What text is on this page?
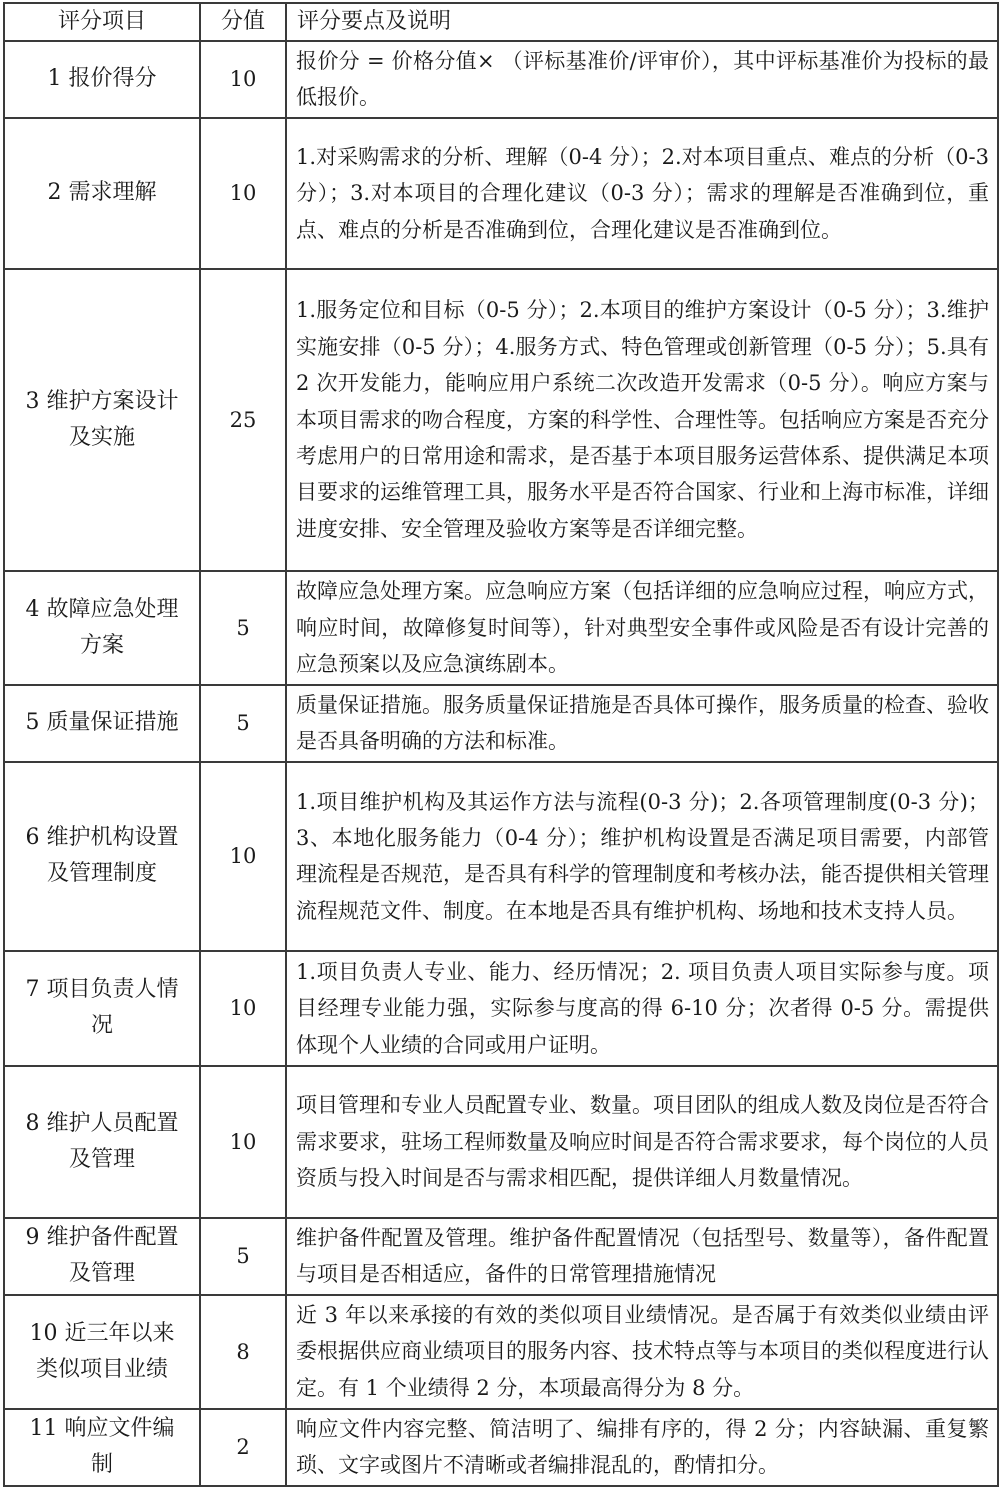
评分项目	分值	评分要点及说明
1 报价得分	10	报价分 = 价格分值× （评标基准价/评审价），其中评标基准价为投标的最低报价。
2 需求理解	10	1.对采购需求的分析、理解（0-4 分）；2.对本项目重点、难点的分析（0-3 分）；3.对本项目的合理化建议（0-3 分）；需求的理解是否准确到位，重点、难点的分析是否准确到位，合理化建议是否准确到位。
3 维护方案设计及实施	25	1.服务定位和目标（0-5 分）；2.本项目的维护方案设计（0-5 分）；3.维护实施安排（0-5 分）；4.服务方式、特色管理或创新管理（0-5 分）；5.具有 2 次开发能力，能响应用户系统二次改造开发需求（0-5 分）。响应方案与本项目需求的吻合程度，方案的科学性、合理性等。包括响应方案是否充分考虑用户的日常用途和需求，是否基于本项目服务运营体系、提供满足本项目要求的运维管理工具，服务水平是否符合国家、行业和上海市标准，详细进度安排、安全管理及验收方案等是否详细完整。
4 故障应急处理方案	5	故障应急处理方案。应急响应方案（包括详细的应急响应过程，响应方式，响应时间，故障修复时间等），针对典型安全事件或风险是否有设计完善的应急预案以及应急演练剧本。
5 质量保证措施	5	质量保证措施。服务质量保证措施是否具体可操作，服务质量的检查、验收是否具备明确的方法和标准。
6 维护机构设置及管理制度	10	1.项目维护机构及其运作方法与流程(0-3 分)；2.各项管理制度(0-3 分)；3、本地化服务能力（0-4 分）；维护机构设置是否满足项目需要，内部管理流程是否规范，是否具有科学的管理制度和考核办法，能否提供相关管理流程规范文件、制度。在本地是否具有维护机构、场地和技术支持人员。
7 项目负责人情况	10	1.项目负责人专业、能力、经历情况；2. 项目负责人项目实际参与度。项目经理专业能力强，实际参与度高的得 6-10 分；次者得 0-5 分。需提供体现个人业绩的合同或用户证明。
8 维护人员配置及管理	10	项目管理和专业人员配置专业、数量。项目团队的组成人数及岗位是否符合需求要求，驻场工程师数量及响应时间是否符合需求要求，每个岗位的人员资质与投入时间是否与需求相匹配，提供详细人月数量情况。
9 维护备件配置及管理	5	维护备件配置及管理。维护备件配置情况（包括型号、数量等），备件配置与项目是否相适应，备件的日常管理措施情况
10 近三年以来类似项目业绩	8	近 3 年以来承接的有效的类似项目业绩情况。是否属于有效类似业绩由评委根据供应商业绩项目的服务内容、技术特点等与本项目的类似程度进行认定。有 1 个业绩得 2 分，本项最高得分为 8 分。
11 响应文件编制	2	响应文件内容完整、简洁明了、编排有序的，得 2 分；内容缺漏、重复繁琐、文字或图片不清晰或者编排混乱的，酌情扣分。
